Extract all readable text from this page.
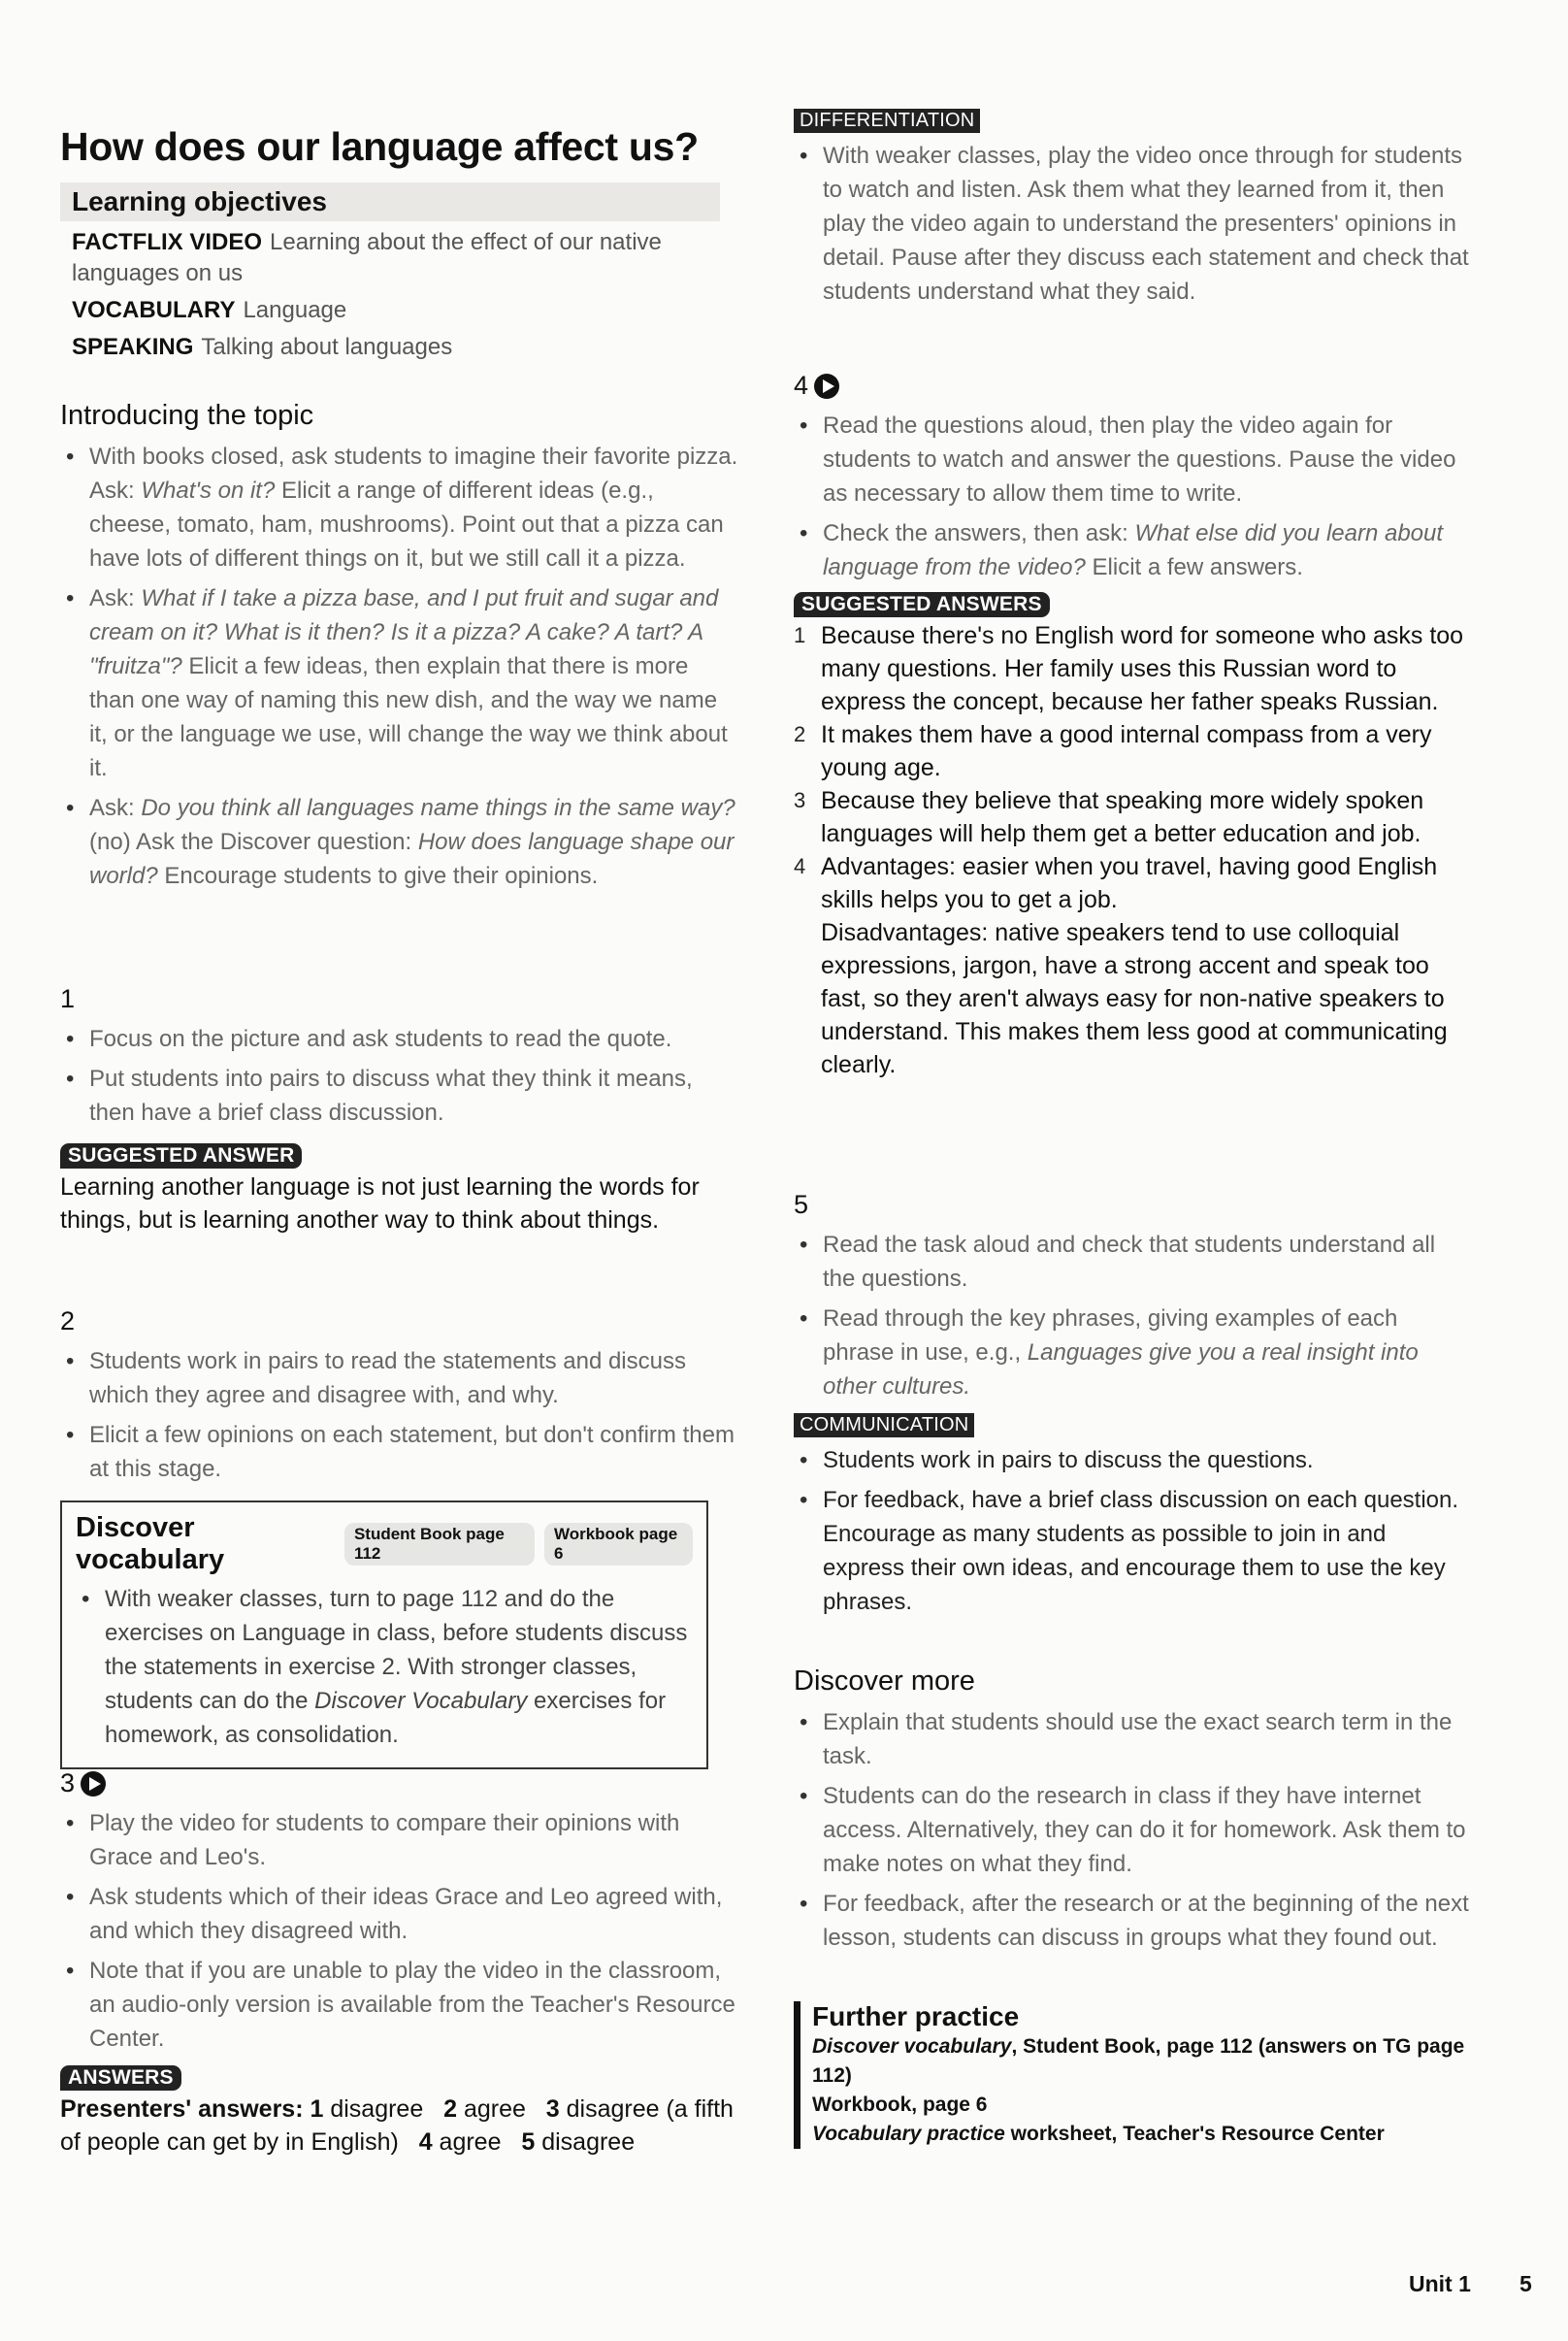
How does our language affect us?
Learning objectives
FACTFLIX VIDEO Learning about the effect of our native languages on us
VOCABULARY Language
SPEAKING Talking about languages
Introducing the topic
• With books closed, ask students to imagine their favorite pizza. Ask: What's on it? Elicit a range of different ideas (e.g., cheese, tomato, ham, mushrooms). Point out that a pizza can have lots of different things on it, but we still call it a pizza.
• Ask: What if I take a pizza base, and I put fruit and sugar and cream on it? What is it then? Is it a pizza? A cake? A tart? A "fruitza"? Elicit a few ideas, then explain that there is more than one way of naming this new dish, and the way we name it, or the language we use, will change the way we think about it.
• Ask: Do you think all languages name things in the same way? (no) Ask the Discover question: How does language shape our world? Encourage students to give their opinions.
1
• Focus on the picture and ask students to read the quote.
• Put students into pairs to discuss what they think it means, then have a brief class discussion.
SUGGESTED ANSWER
Learning another language is not just learning the words for things, but is learning another way to think about things.
2
• Students work in pairs to read the statements and discuss which they agree and disagree with, and why.
• Elicit a few opinions on each statement, but don't confirm them at this stage.
Discover vocabulary
Student Book page 112
Workbook page 6
• With weaker classes, turn to page 112 and do the exercises on Language in class, before students discuss the statements in exercise 2. With stronger classes, students can do the Discover Vocabulary exercises for homework, as consolidation.
3
• Play the video for students to compare their opinions with Grace and Leo's.
• Ask students which of their ideas Grace and Leo agreed with, and which they disagreed with.
• Note that if you are unable to play the video in the classroom, an audio-only version is available from the Teacher's Resource Center.
ANSWERS
Presenters' answers: 1 disagree 2 agree 3 disagree (a fifth of people can get by in English) 4 agree 5 disagree
DIFFERENTIATION
• With weaker classes, play the video once through for students to watch and listen. Ask them what they learned from it, then play the video again to understand the presenters' opinions in detail. Pause after they discuss each statement and check that students understand what they said.
4
• Read the questions aloud, then play the video again for students to watch and answer the questions. Pause the video as necessary to allow them time to write.
• Check the answers, then ask: What else did you learn about language from the video? Elicit a few answers.
SUGGESTED ANSWERS
1 Because there's no English word for someone who asks too many questions. Her family uses this Russian word to express the concept, because her father speaks Russian.
2 It makes them have a good internal compass from a very young age.
3 Because they believe that speaking more widely spoken languages will help them get a better education and job.
4 Advantages: easier when you travel, having good English skills helps you to get a job.
Disadvantages: native speakers tend to use colloquial expressions, jargon, have a strong accent and speak too fast, so they aren't always easy for non-native speakers to understand. This makes them less good at communicating clearly.
5
• Read the task aloud and check that students understand all the questions.
• Read through the key phrases, giving examples of each phrase in use, e.g., Languages give you a real insight into other cultures.
COMMUNICATION
• Students work in pairs to discuss the questions.
• For feedback, have a brief class discussion on each question. Encourage as many students as possible to join in and express their own ideas, and encourage them to use the key phrases.
Discover more
• Explain that students should use the exact search term in the task.
• Students can do the research in class if they have internet access. Alternatively, they can do it for homework. Ask them to make notes on what they find.
• For feedback, after the research or at the beginning of the next lesson, students can discuss in groups what they found out.
Further practice
Discover vocabulary, Student Book, page 112 (answers on TG page 112)
Workbook, page 6
Vocabulary practice worksheet, Teacher's Resource Center
Unit 1 5
